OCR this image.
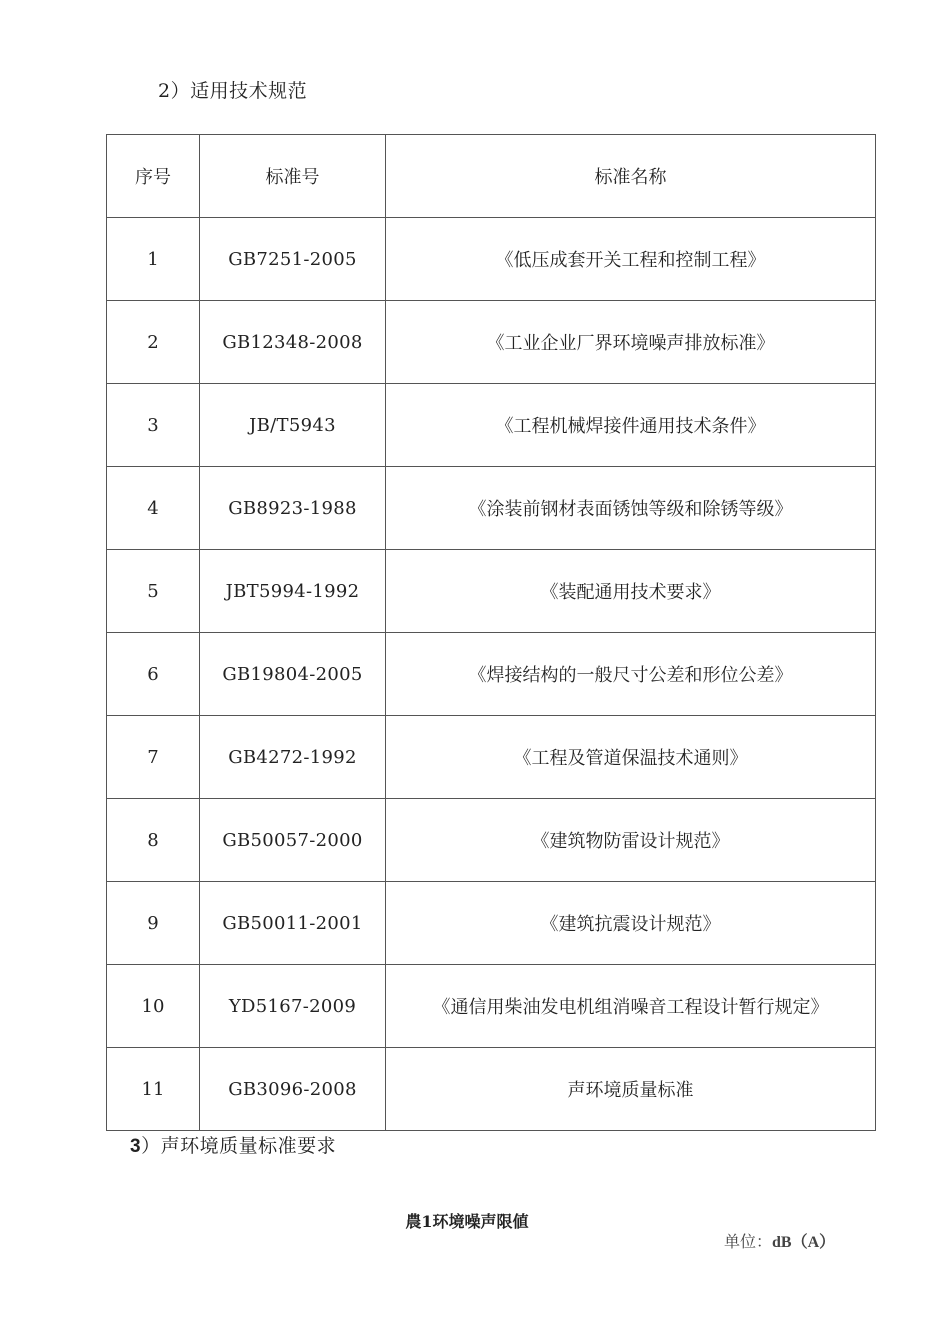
2）适用技术规范
序号	标准号	标准名称
1	GB7251-2005	《低压成套开关工程和控制工程》
2	GB12348-2008	《工业企业厂界环境噪声排放标准》
3	JB/T5943	《工程机械焊接件通用技术条件》
4	GB8923-1988	《涂装前钢材表面锈蚀等级和除锈等级》
5	JBT5994-1992	《装配通用技术要求》
6	GB19804-2005	《焊接结构的一般尺寸公差和形位公差》
7	GB4272-1992	《工程及管道保温技术通则》
8	GB50057-2000	《建筑物防雷设计规范》
9	GB50011-2001	《建筑抗震设计规范》
10	YD5167-2009	《通信用柴油发电机组消噪音工程设计暂行规定》
11	GB3096-2008	声环境质量标准
3）声环境质量标准要求
農1环境噪声限値
单位：dB（A）
